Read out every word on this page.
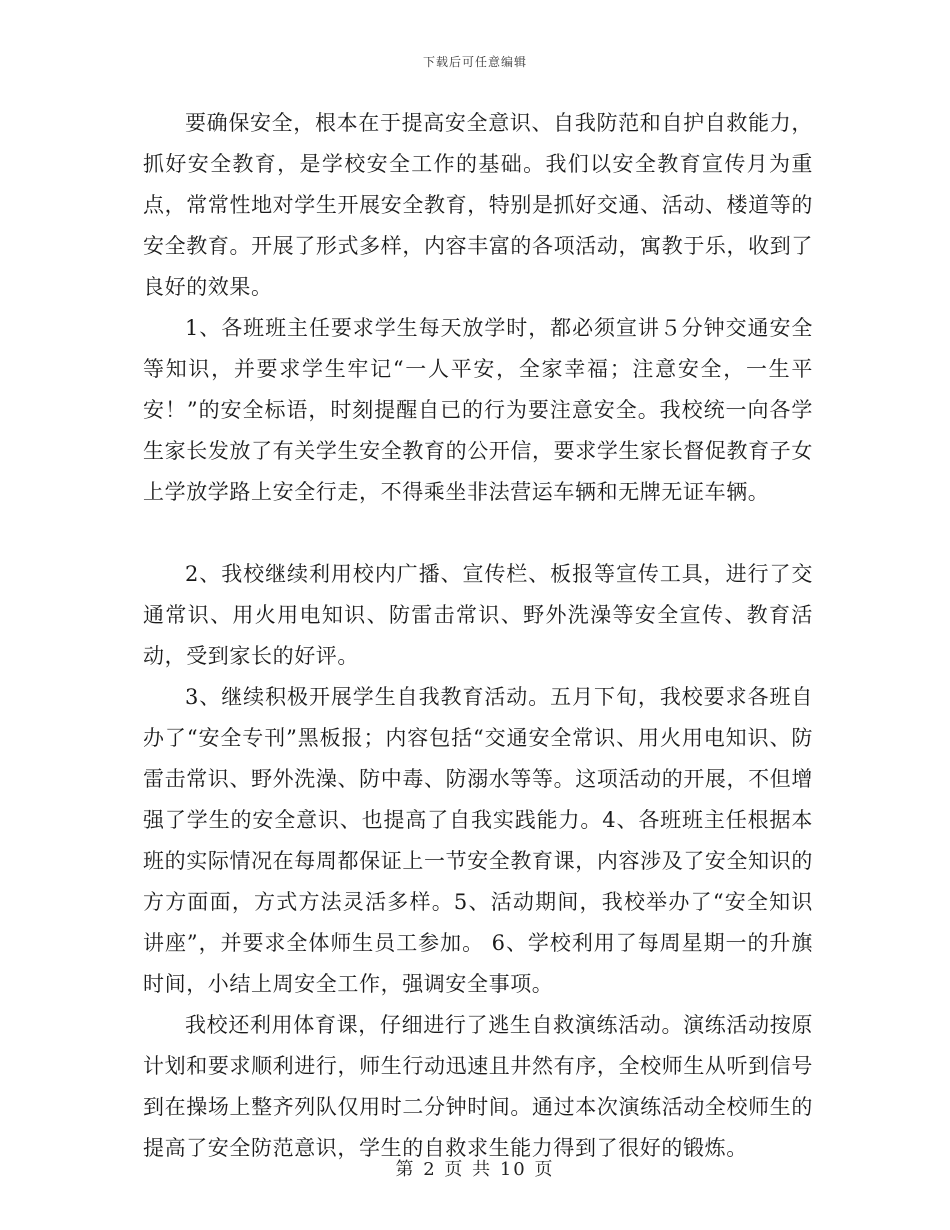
下载后可任意编辑

要确保安全，根本在于提高安全意识、自我防范和自护自救能力，抓好安全教育，是学校安全工作的基础。我们以安全教育宣传月为重点，常常性地对学生开展安全教育，特别是抓好交通、活动、楼道等的安全教育。开展了形式多样，内容丰富的各项活动，寓教于乐，收到了良好的效果。

1、各班班主任要求学生每天放学时，都必须宣讲５分钟交通安全等知识，并要求学生牢记“一人平安，全家幸福；注意安全，一生平安！”的安全标语，时刻提醒自已的行为要注意安全。我校统一向各学生家长发放了有关学生安全教育的公开信，要求学生家长督促教育子女上学放学路上安全行走，不得乘坐非法营运车辆和无牌无证车辆。

2、我校继续利用校内广播、宣传栏、板报等宣传工具，进行了交通常识、用火用电知识、防雷击常识、野外洗澡等安全宣传、教育活动，受到家长的好评。

3、继续积极开展学生自我教育活动。五月下旬，我校要求各班自办了“安全专刊”黑板报；内容包括“交通安全常识、用火用电知识、防雷击常识、野外洗澡、防中毒、防溺水等等。这项活动的开展，不但增强了学生的安全意识、也提高了自我实践能力。4、各班班主任根据本班的实际情况在每周都保证上一节安全教育课，内容涉及了安全知识的方方面面，方式方法灵活多样。5、活动期间，我校举办了“安全知识讲座”，并要求全体师生员工参加。 6、学校利用了每周星期一的升旗时间，小结上周安全工作，强调安全事项。

我校还利用体育课，仔细进行了逃生自救演练活动。演练活动按原计划和要求顺利进行，师生行动迅速且井然有序，全校师生从听到信号到在操场上整齐列队仅用时二分钟时间。通过本次演练活动全校师生的提高了安全防范意识，学生的自救求生能力得到了很好的锻炼。

第 2 页 共 10 页
